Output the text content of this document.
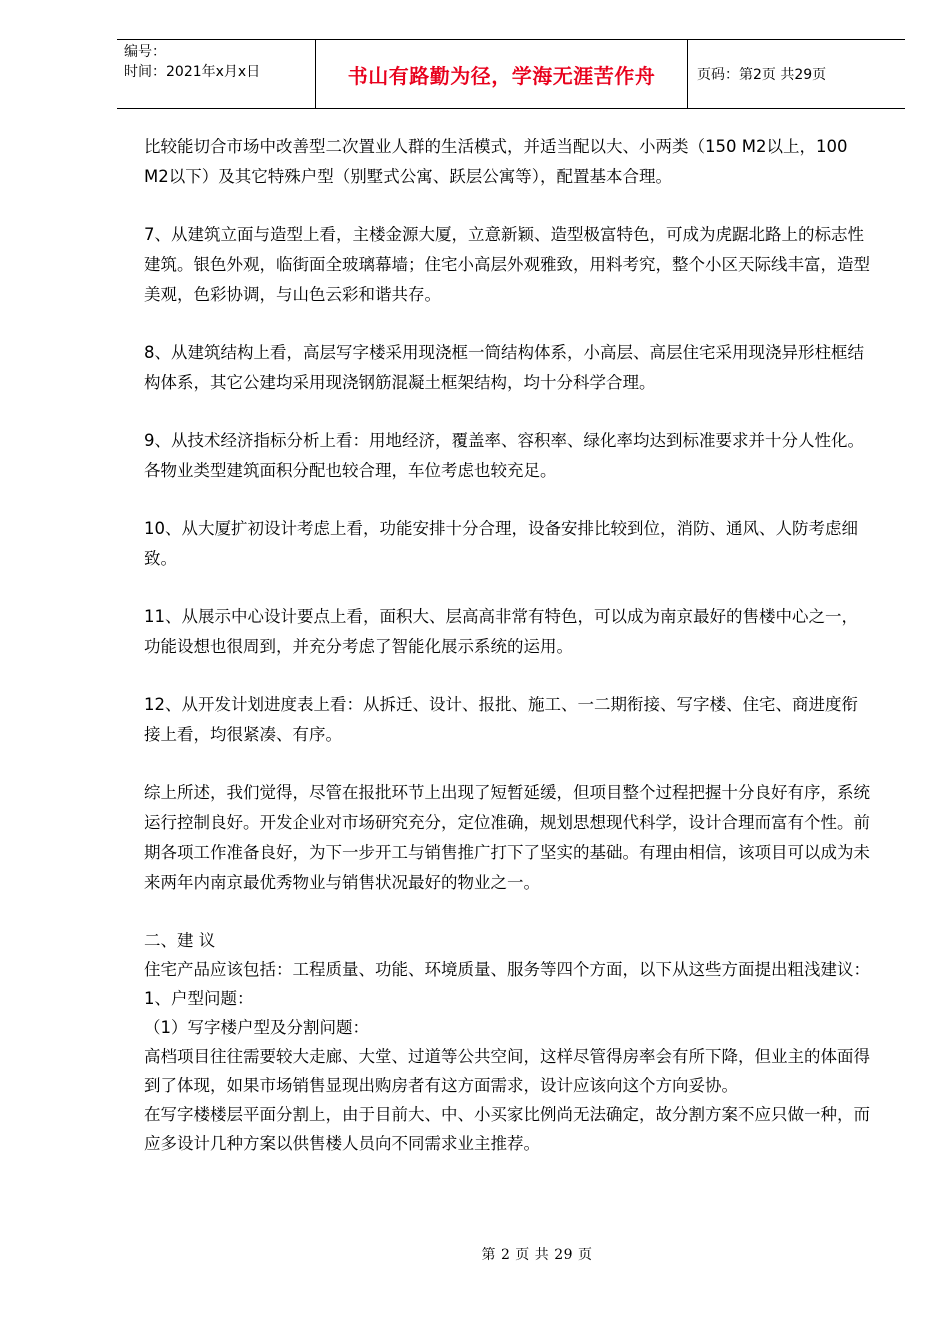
编号：
时间：2021年x月x日	书山有路勤为径，学海无涯苦作舟	页码：第2页 共29页

比较能切合市场中改善型二次置业人群的生活模式，并适当配以大、小两类（150 M2以上，100 M2以下）及其它特殊户型（别墅式公寓、跃层公寓等），配置基本合理。

7、从建筑立面与造型上看，主楼金源大厦，立意新颖、造型极富特色，可成为虎踞北路上的标志性建筑。银色外观，临街面全玻璃幕墙；住宅小高层外观雅致，用料考究，整个小区天际线丰富，造型美观，色彩协调，与山色云彩和谐共存。

8、从建筑结构上看，高层写字楼采用现浇框一筒结构体系，小高层、高层住宅采用现浇异形柱框结构体系，其它公建均采用现浇钢筋混凝土框架结构，均十分科学合理。

9、从技术经济指标分析上看：用地经济，覆盖率、容积率、绿化率均达到标准要求并十分人性化。各物业类型建筑面积分配也较合理，车位考虑也较充足。

10、从大厦扩初设计考虑上看，功能安排十分合理，设备安排比较到位，消防、通风、人防考虑细致。

11、从展示中心设计要点上看，面积大、层高高非常有特色，可以成为南京最好的售楼中心之一，功能设想也很周到，并充分考虑了智能化展示系统的运用。

12、从开发计划进度表上看：从拆迁、设计、报批、施工、一二期衔接、写字楼、住宅、商进度衔接上看，均很紧凑、有序。

综上所述，我们觉得，尽管在报批环节上出现了短暂延缓，但项目整个过程把握十分良好有序，系统运行控制良好。开发企业对市场研究充分，定位准确，规划思想现代科学，设计合理而富有个性。前期各项工作准备良好，为下一步开工与销售推广打下了坚实的基础。有理由相信，该项目可以成为未来两年内南京最优秀物业与销售状况最好的物业之一。

二、建 议

住宅产品应该包括：工程质量、功能、环境质量、服务等四个方面，以下从这些方面提出粗浅建议：

1、户型问题：

（1）写字楼户型及分割问题：

高档项目往往需要较大走廊、大堂、过道等公共空间，这样尽管得房率会有所下降，但业主的体面得到了体现，如果市场销售显现出购房者有这方面需求，设计应该向这个方向妥协。

在写字楼楼层平面分割上，由于目前大、中、小买家比例尚无法确定，故分割方案不应只做一种，而应多设计几种方案以供售楼人员向不同需求业主推荐。

第 2 页 共 29 页
